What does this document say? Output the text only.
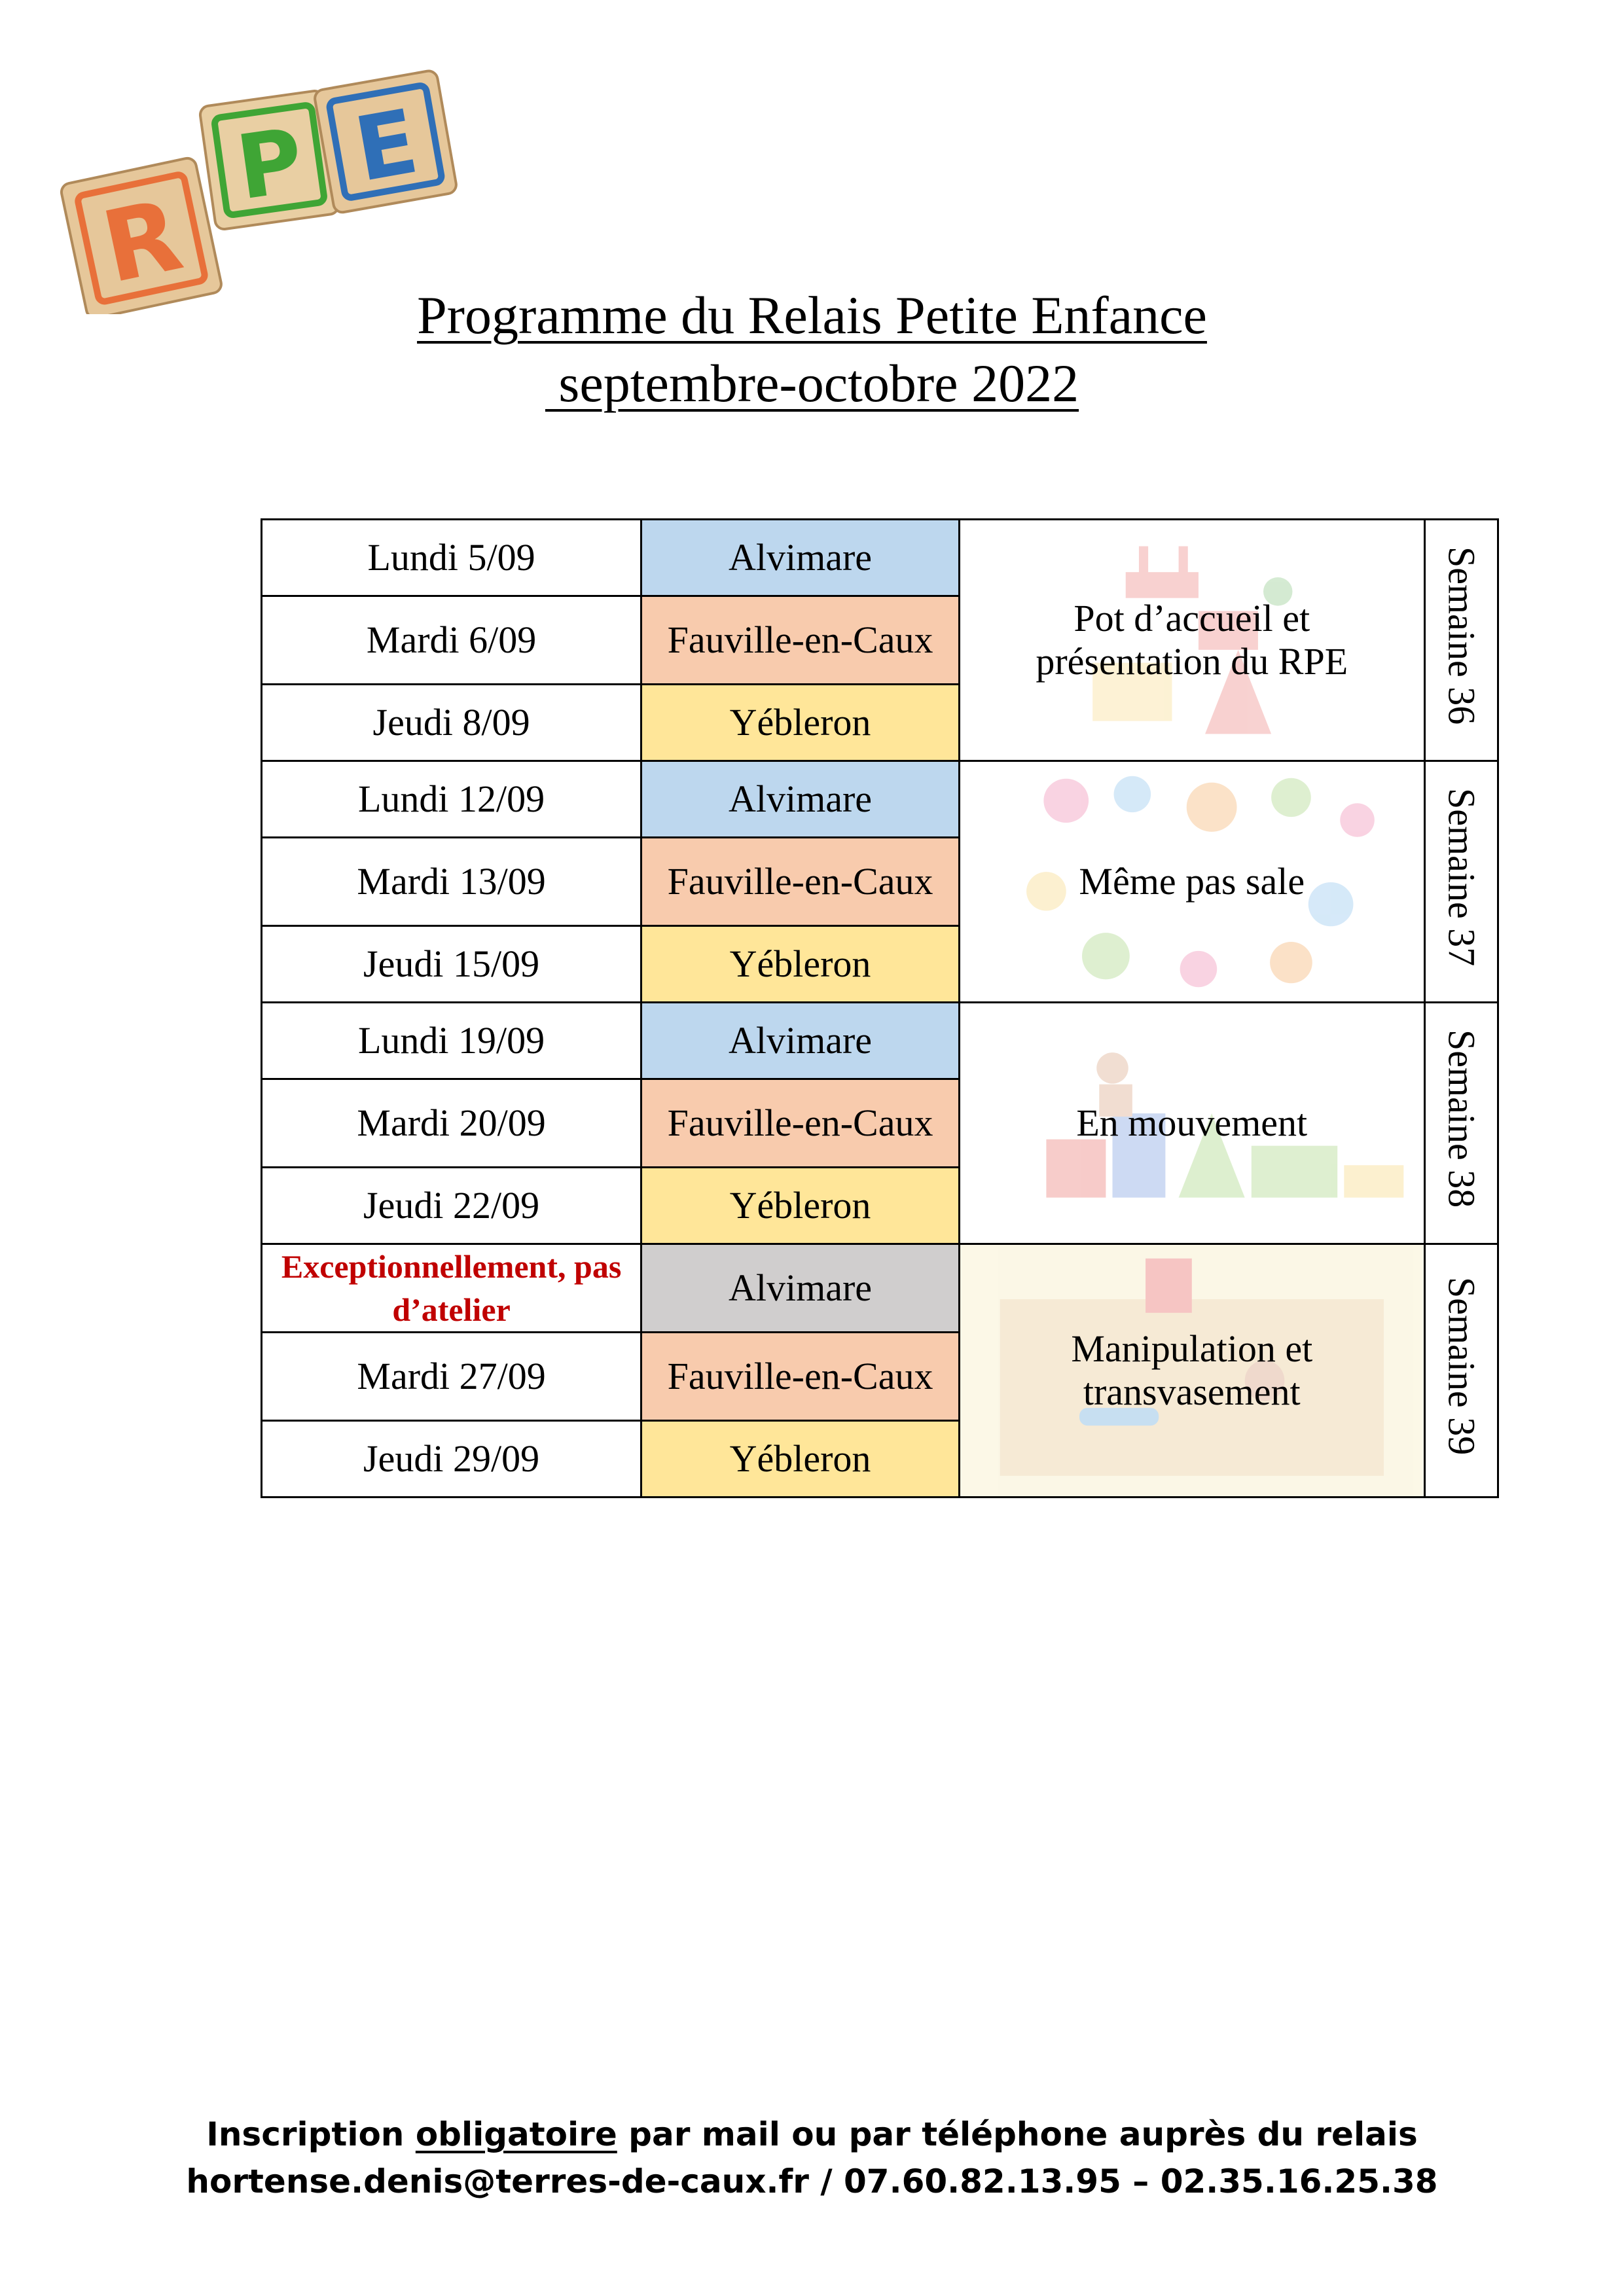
R
P E
Programme du Relais Petite Enfance
septembre-octobre 2022
Lundi 5/09	Alvimare	Pot d’accueil et présentation du RPE	Semaine 36
Mardi 6/09	Fauville-en-Caux		
Jeudi 8/09	Yébleron		
Lundi 12/09	Alvimare	Même pas sale	Semaine 37
Mardi 13/09	Fauville-en-Caux		
Jeudi 15/09	Yébleron		
Lundi 19/09	Alvimare	En mouvement	Semaine 38
Mardi 20/09	Fauville-en-Caux		
Jeudi 22/09	Yébleron		
Exceptionnellement, pas d’atelier	Alvimare	Manipulation et transvasement	Semaine 39
Mardi 27/09	Fauville-en-Caux		
Jeudi 29/09	Yébleron		
Inscription obligatoire par mail ou par téléphone auprès du relais
hortense.denis@terres-de-caux.fr / 07.60.82.13.95 – 02.35.16.25.38
